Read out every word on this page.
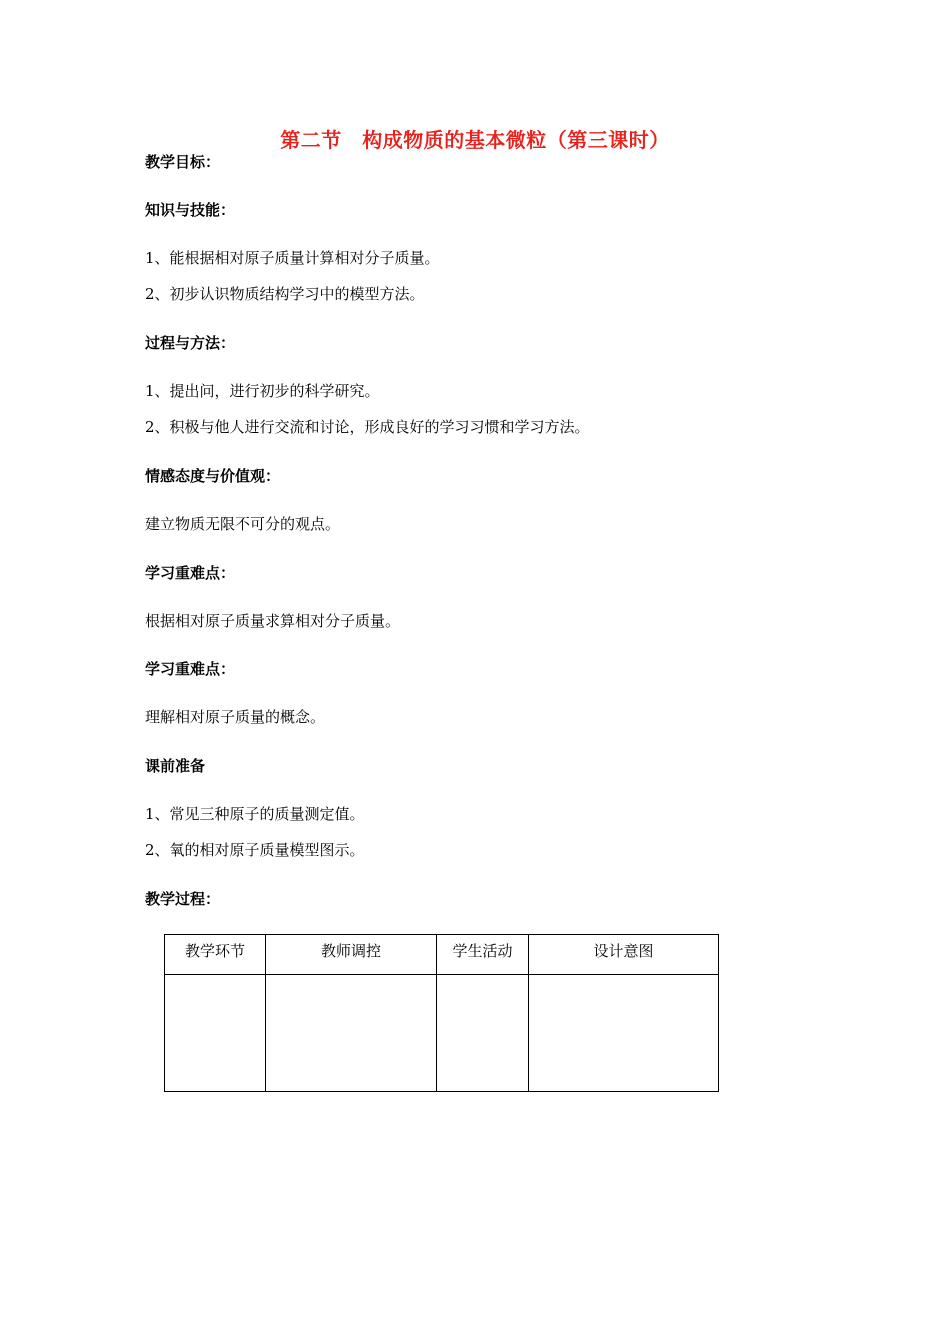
第二节　构成物质的基本微粒（第三课时）
教学目标：
知识与技能：
1、能根据相对原子质量计算相对分子质量。
2、初步认识物质结构学习中的模型方法。
过程与方法：
1、提出问，进行初步的科学研究。
2、积极与他人进行交流和讨论，形成良好的学习习惯和学习方法。
情感态度与价值观：
建立物质无限不可分的观点。
学习重难点：
根据相对原子质量求算相对分子质量。
学习重难点：
理解相对原子质量的概念。
课前准备
1、常见三种原子的质量测定值。
2、氧的相对原子质量模型图示。
教学过程：
教学环节	教师调控	学生活动	设计意图
